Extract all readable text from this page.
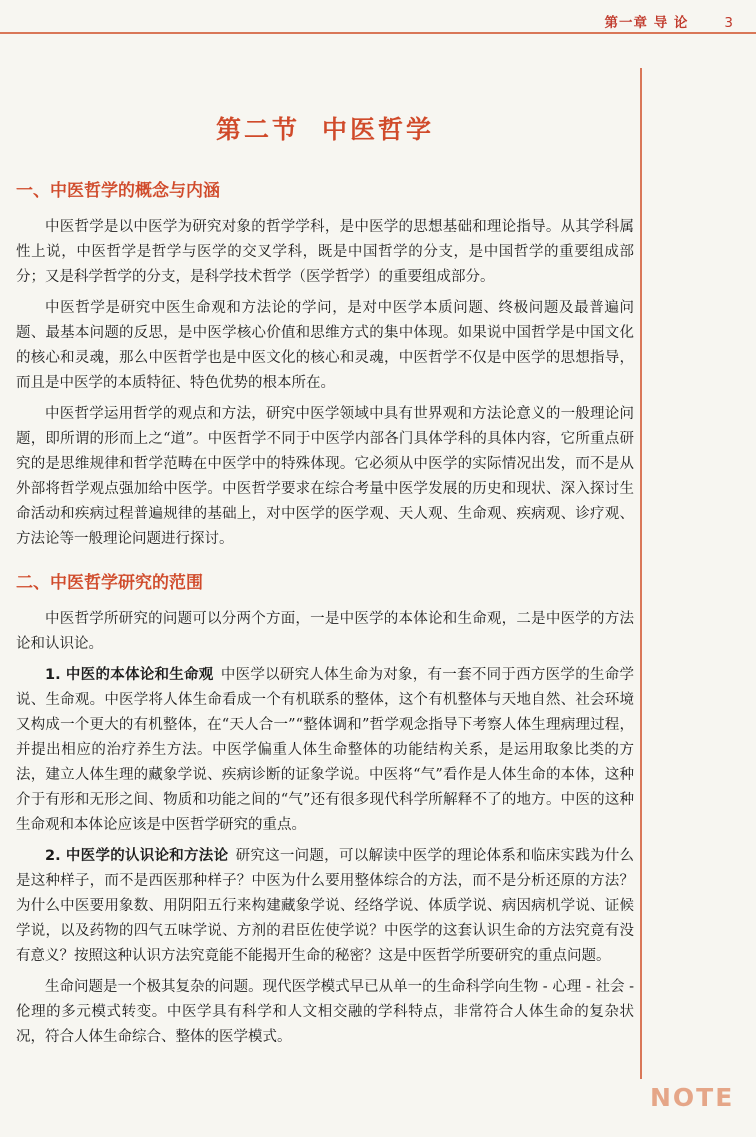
第一章 导 论	3
第二节 中医哲学
一、中医哲学的概念与内涵

中医哲学是以中医学为研究对象的哲学学科，是中医学的思想基础和理论指导。从其学科属性上说，中医哲学是哲学与医学的交叉学科，既是中国哲学的分支，是中国哲学的重要组成部分；又是科学哲学的分支，是科学技术哲学（医学哲学）的重要组成部分。

中医哲学是研究中医生命观和方法论的学问，是对中医学本质问题、终极问题及最普遍问题、最基本问题的反思，是中医学核心价值和思维方式的集中体现。如果说中国哲学是中国文化的核心和灵魂，那么中医哲学也是中医文化的核心和灵魂，中医哲学不仅是中医学的思想指导，而且是中医学的本质特征、特色优势的根本所在。

中医哲学运用哲学的观点和方法，研究中医学领域中具有世界观和方法论意义的一般理论问题，即所谓的形而上之“道”。中医哲学不同于中医学内部各门具体学科的具体内容，它所重点研究的是思维规律和哲学范畴在中医学中的特殊体现。它必须从中医学的实际情况出发，而不是从外部将哲学观点强加给中医学。中医哲学要求在综合考量中医学发展的历史和现状、深入探讨生命活动和疾病过程普遍规律的基础上，对中医学的医学观、天人观、生命观、疾病观、诊疗观、方法论等一般理论问题进行探讨。

二、中医哲学研究的范围

中医哲学所研究的问题可以分两个方面，一是中医学的本体论和生命观，二是中医学的方法论和认识论。

1. 中医的本体论和生命观 中医学以研究人体生命为对象，有一套不同于西方医学的生命学说、生命观。中医学将人体生命看成一个有机联系的整体，这个有机整体与天地自然、社会环境又构成一个更大的有机整体，在“天人合一”“整体调和”哲学观念指导下考察人体生理病理过程，并提出相应的治疗养生方法。中医学偏重人体生命整体的功能结构关系，是运用取象比类的方法，建立人体生理的藏象学说、疾病诊断的证象学说。中医将“气”看作是人体生命的本体，这种介于有形和无形之间、物质和功能之间的“气”还有很多现代科学所解释不了的地方。中医的这种生命观和本体论应该是中医哲学研究的重点。

2. 中医学的认识论和方法论 研究这一问题，可以解读中医学的理论体系和临床实践为什么是这种样子，而不是西医那种样子？中医为什么要用整体综合的方法，而不是分析还原的方法？为什么中医要用象数、用阴阳五行来构建藏象学说、经络学说、体质学说、病因病机学说、证候学说，以及药物的四气五味学说、方剂的君臣佐使学说？中医学的这套认识生命的方法究竟有没有意义？按照这种认识方法究竟能不能揭开生命的秘密？这是中医哲学所要研究的重点问题。

生命问题是一个极其复杂的问题。现代医学模式早已从单一的生命科学向生物 - 心理 - 社会 - 伦理的多元模式转变。中医学具有科学和人文相交融的学科特点，非常符合人体生命的复杂状况，符合人体生命综合、整体的医学模式。

NOTE
